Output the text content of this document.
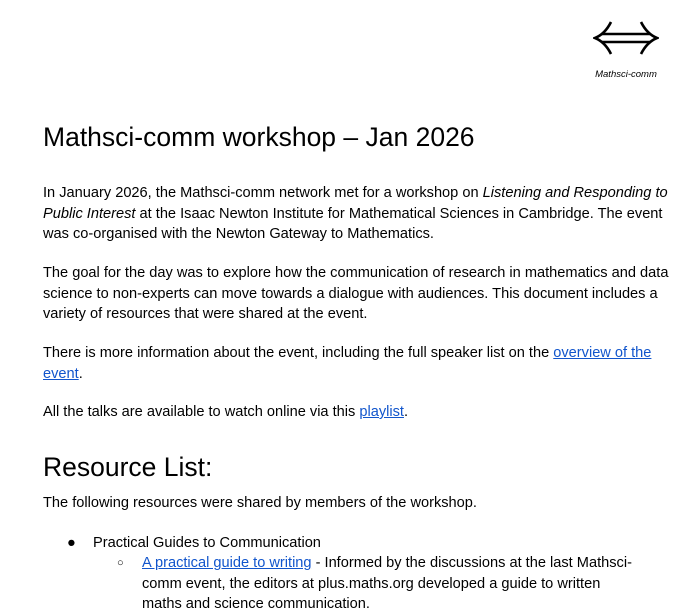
Mathsci-comm
Mathsci-comm workshop – Jan 2026

In January 2026, the Mathsci-comm network met for a workshop on Listening and Responding to Public Interest at the Isaac Newton Institute for Mathematical Sciences in Cambridge. The event was co-organised with the Newton Gateway to Mathematics.

The goal for the day was to explore how the communication of research in mathematics and data science to non-experts can move towards a dialogue with audiences. This document includes a variety of resources that were shared at the event.

There is more information about the event, including the full speaker list on the overview of the event.

All the talks are available to watch online via this playlist.

Resource List:

The following resources were shared by members of the workshop.

● Practical Guides to Communication
○ A practical guide to writing - Informed by the discussions at the last Mathsci-comm event, the editors at plus.maths.org developed a guide to written maths and science communication.
